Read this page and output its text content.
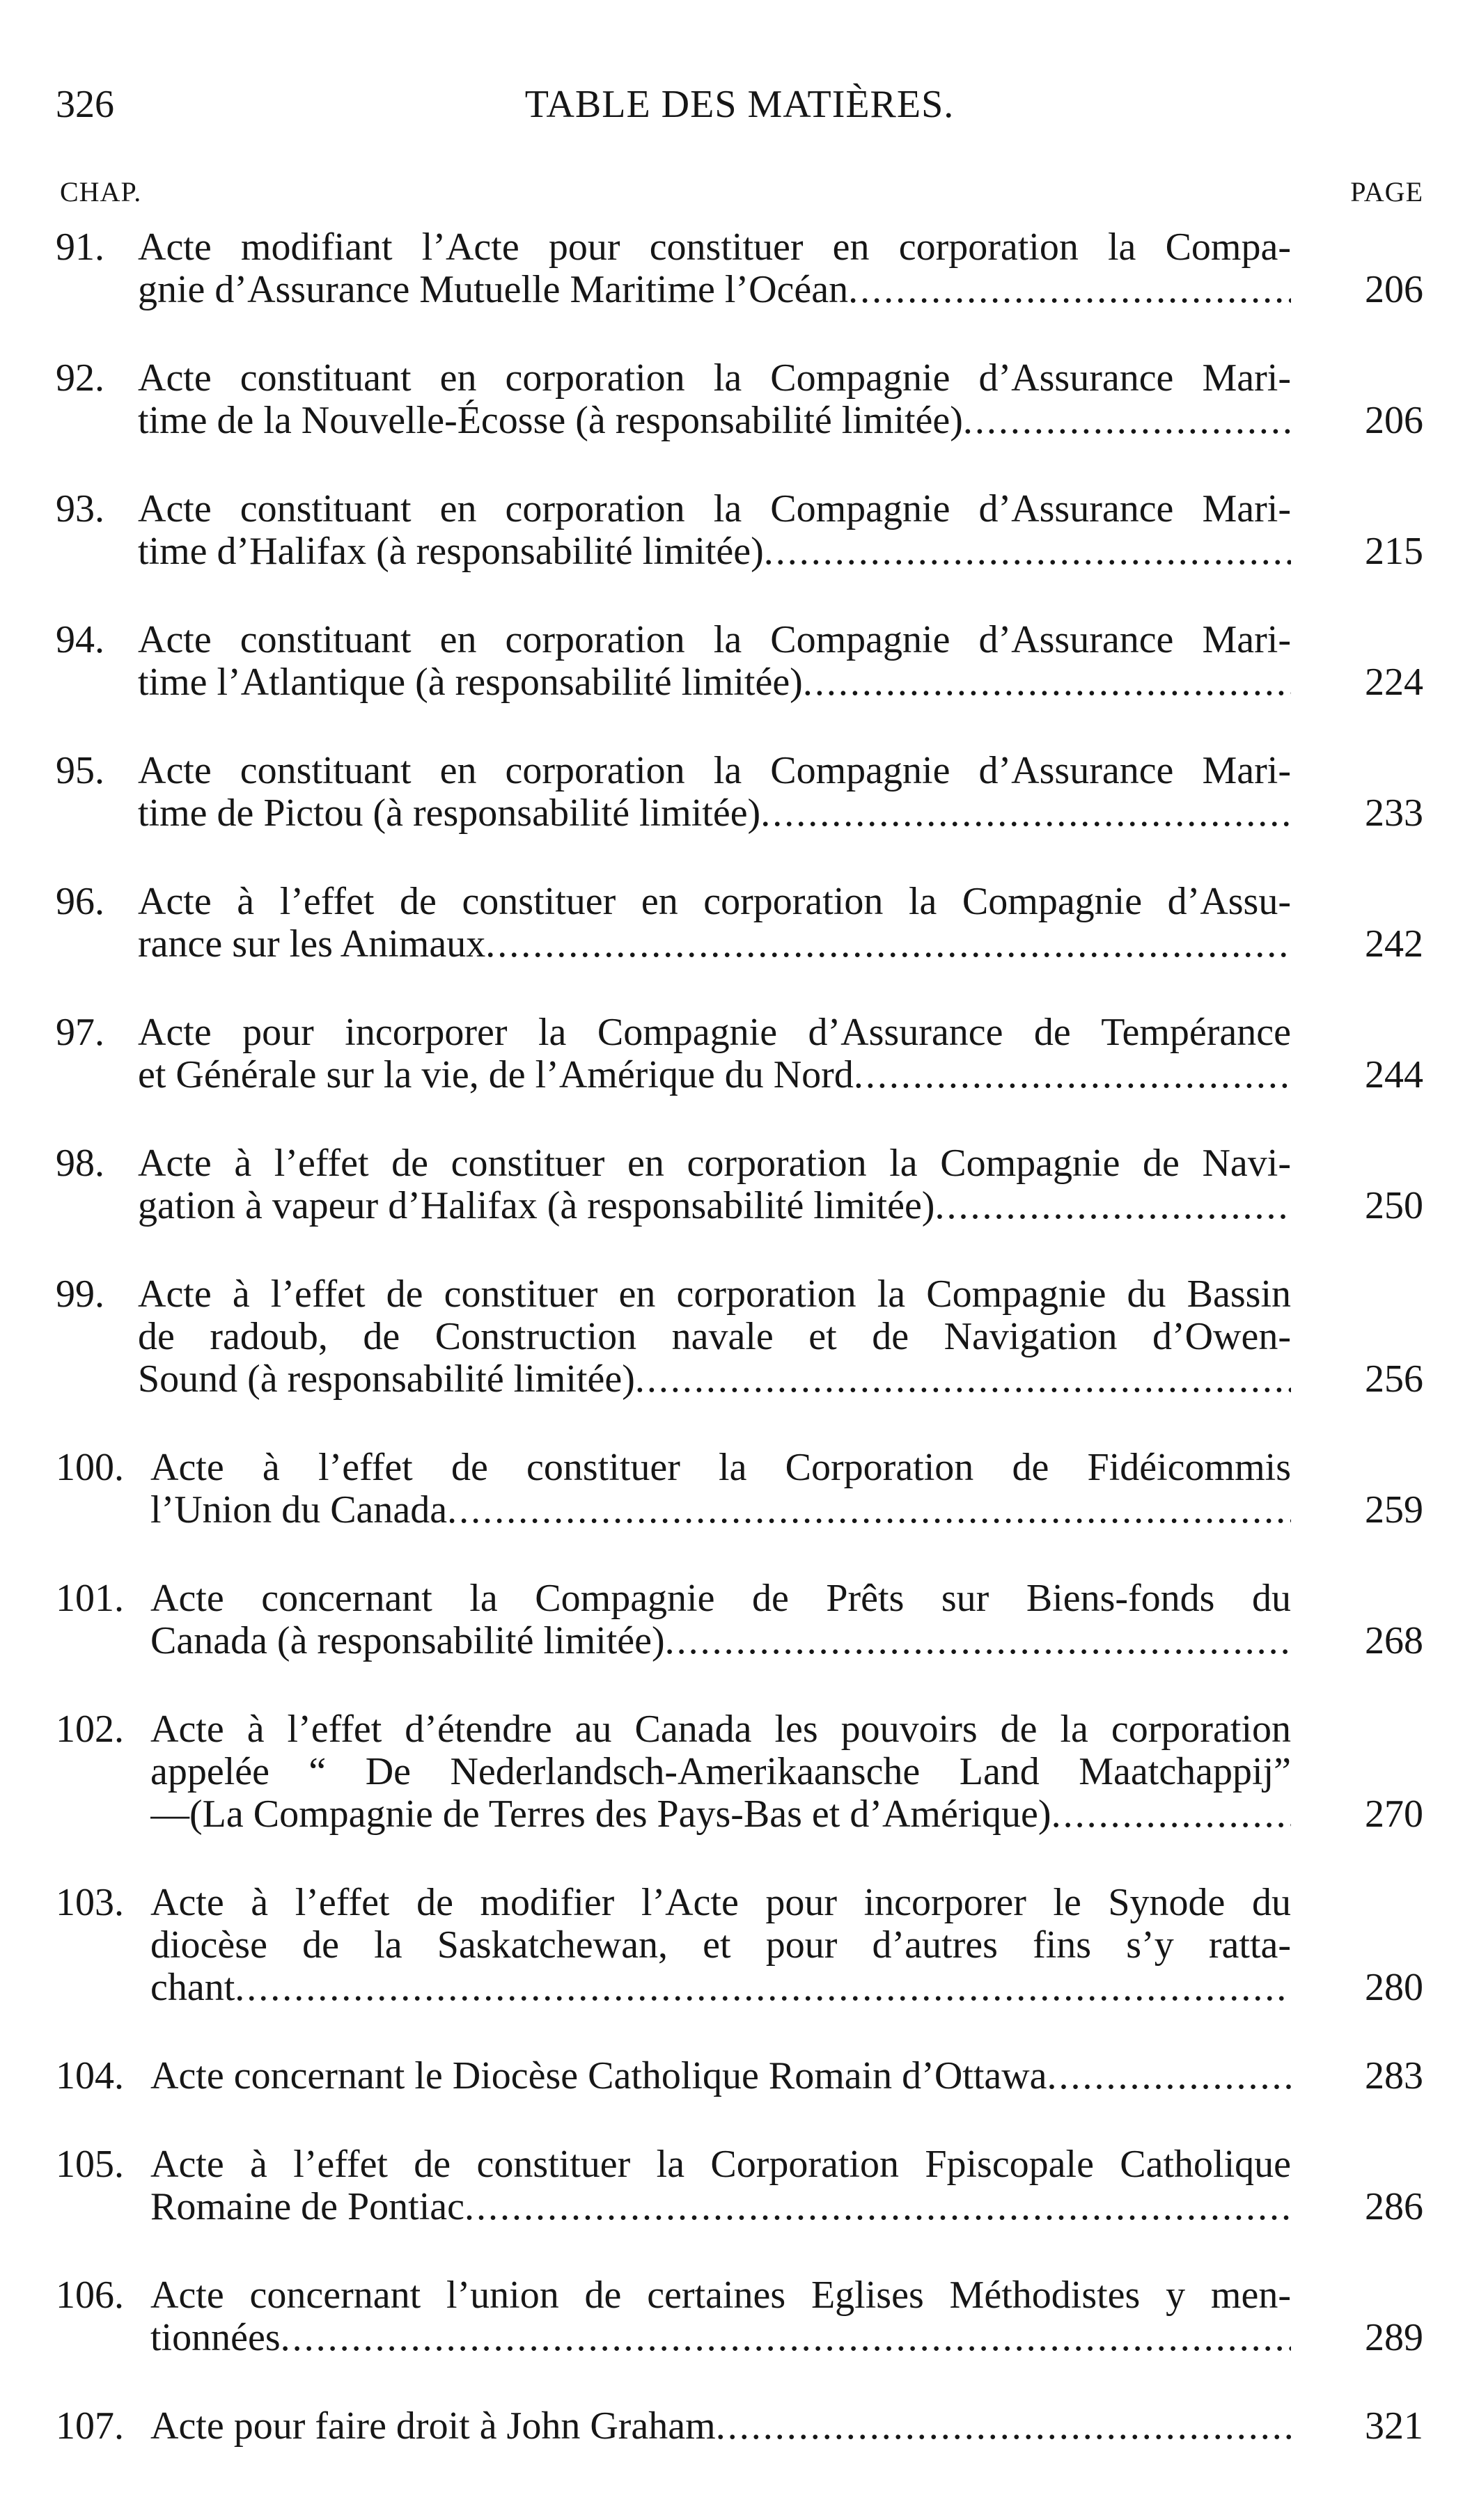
326	TABLE DES MATIÈRES.
CHAP.	PAGE
91. Acte modifiant l’Acte pour constituer en corporation la Compa-
gnie d’Assurance Mutuelle Maritime l’Océan .....	206
92. Acte constituant en corporation la Compagnie d’Assurance Mari-
time de la Nouvelle-Écosse (à responsabilité limitée) .....	206
93. Acte constituant en corporation la Compagnie d’Assurance Mari-
time d’Halifax (à responsabilité limitée) .....	215
94. Acte constituant en corporation la Compagnie d’Assurance Mari-
time l’Atlantique (à responsabilité limitée) .....	224
95. Acte constituant en corporation la Compagnie d’Assurance Mari-
time de Pictou (à responsabilité limitée) .....	233
96. Acte à l’effet de constituer en corporation la Compagnie d’Assu-
rance sur les Animaux .....	242
97. Acte pour incorporer la Compagnie d’Assurance de Tempérance
et Générale sur la vie, de l’Amérique du Nord .....	244
98. Acte à l’effet de constituer en corporation la Compagnie de Navi-
gation à vapeur d’Halifax (à responsabilité limitée) .....	250
99. Acte à l’effet de constituer en corporation la Compagnie du Bassin
de radoub, de Construction navale et de Navigation d’Owen-
Sound (à responsabilité limitée) .....	256
100. Acte à l’effet de constituer la Corporation de Fidéicommis
l’Union du Canada .....	259
101. Acte concernant la Compagnie de Prêts sur Biens-fonds du
Canada (à responsabilité limitée) .....	268
102. Acte à l’effet d’étendre au Canada les pouvoirs de la corporation
appelée “ De Nederlandsch-Amerikaansche Land Maatchappij”
—(La Compagnie de Terres des Pays-Bas et d’Amérique) .....	270
103. Acte à l’effet de modifier l’Acte pour incorporer le Synode du
diocèse de la Saskatchewan, et pour d’autres fins s’y ratta-
chant .....	280
104. Acte concernant le Diocèse Catholique Romain d’Ottawa .....	283
105. Acte à l’effet de constituer la Corporation Fpiscopale Catholique
Romaine de Pontiac .....	286
106. Acte concernant l’union de certaines Eglises Méthodistes y men-
tionnées .....	289
107. Acte pour faire droit à John Graham .....	321
